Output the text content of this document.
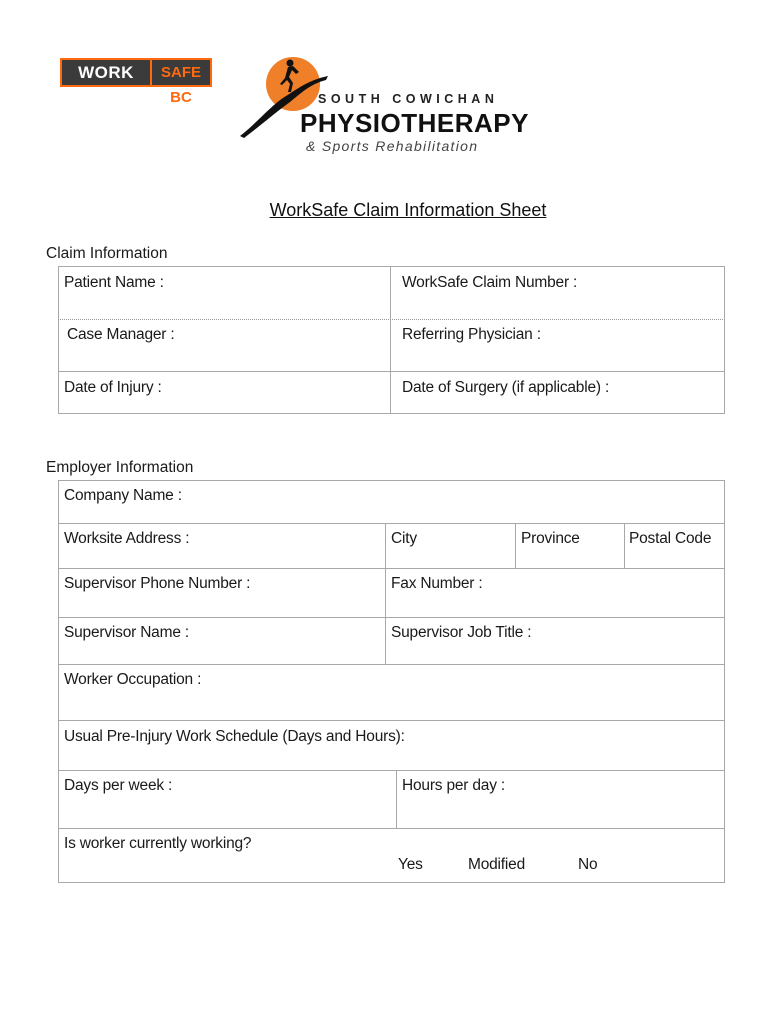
WORK	SAFE BC	SOUTH COWICHAN
PHYSIOTHERAPY
& Sports Rehabilitation
WorkSafe Claim Information Sheet
Claim Information
Patient Name :	WorkSafe Claim Number :
Case Manager :	Referring Physician :
Date of Injury :	Date of Surgery (if applicable) :
Employer Information
Company Name :
Worksite Address :	City	Province	Postal Code
Supervisor Phone Number :	Fax Number :
Supervisor Name :	Supervisor Job Title :
Worker Occupation :
Usual Pre-Injury Work Schedule (Days and Hours):
Days per week :	Hours per day :
Is worker currently working?
Yes	Modified	No
